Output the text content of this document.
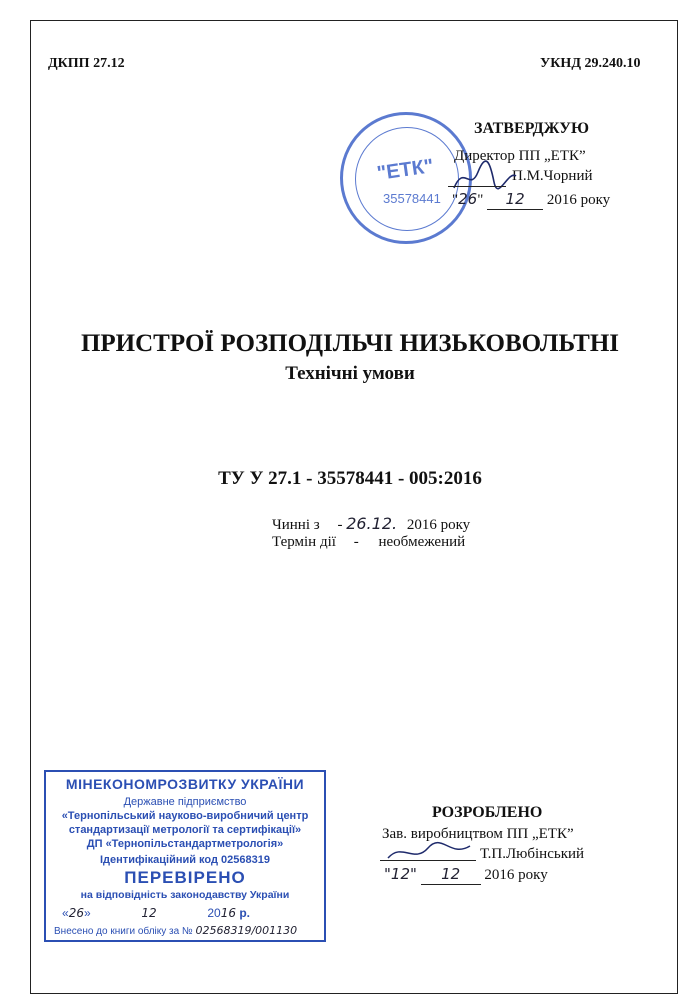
ДКПП 27.12	УКНД 29.240.10
"ЕТК"
35578441
ЗАТВЕРДЖУЮ
Директор ПП „ЕТК”
П.М.Чорний
"26" 12 2016 року
ПРИСТРОЇ РОЗПОДІЛЬЧІ НИЗЬКОВОЛЬТНІ
Технічні умови
ТУ У 27.1 - 35578441 - 005:2016
Чинні з - 26.12. 2016 року
Термін дії - необмежений
МІНЕКОНОМРОЗВИТКУ УКРАЇНИ
Державне підприємство
«Тернопільський науково-виробничий центр
стандартизації метрології та сертифікації»
ДП «Тернопільстандартметрологія»
Ідентифікаційний код 02568319
ПЕРЕВІРЕНО
на відповідність законодавству України
«26»	12	2016 р.
Внесено до книги обліку за № 02568319/001130
РОЗРОБЛЕНО
Зав. виробництвом ПП „ЕТК”
Т.П.Любінський
"12" 12 2016 року
